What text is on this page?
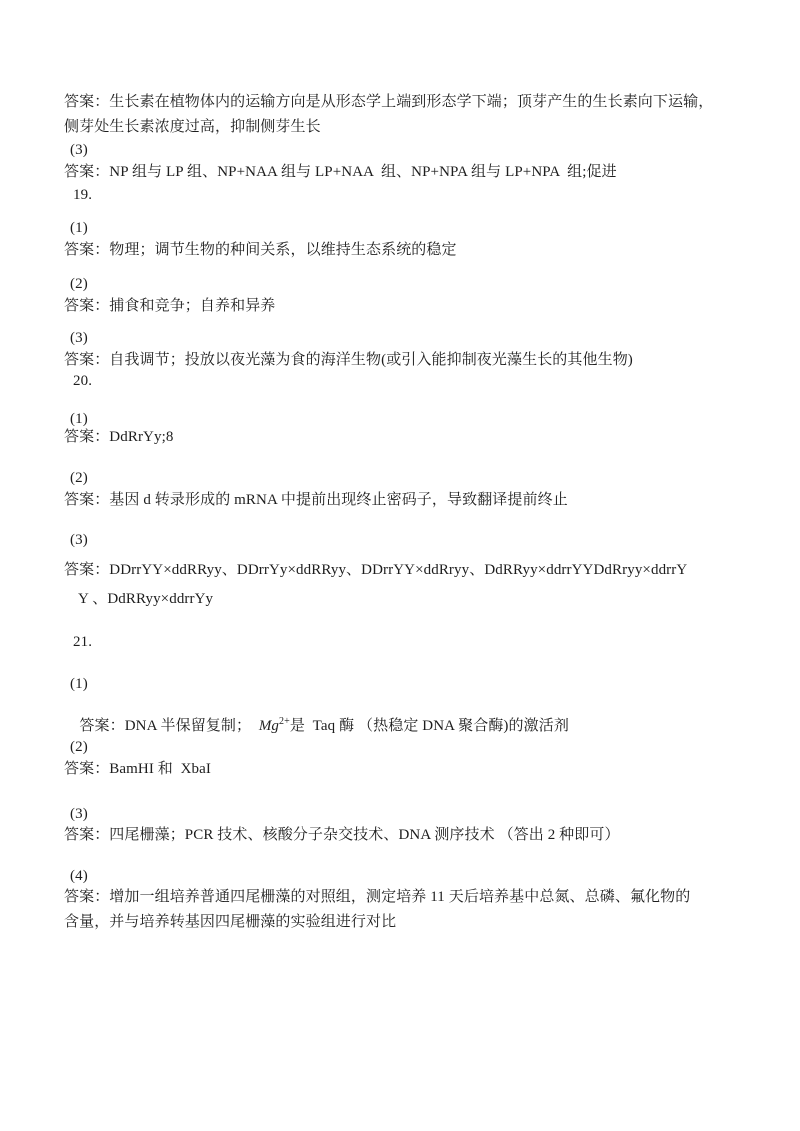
答案：生长素在植物体内的运输方向是从形态学上端到形态学下端；顶芽产生的生长素向下运输，
侧芽处生长素浓度过高，抑制侧芽生长
(3)
答案：NP 组与 LP 组、NP+NAA 组与 LP+NAA  组、NP+NPA 组与 LP+NPA  组;促进
19.
(1)
答案：物理；调节生物的种间关系，以维持生态系统的稳定
(2)
答案：捕食和竞争；自养和异养
(3)
答案：自我调节；投放以夜光藻为食的海洋生物(或引入能抑制夜光藻生长的其他生物)
20.
(1)
答案：DdRrYy;8
(2)
答案：基因 d 转录形成的 mRNA 中提前出现终止密码子，导致翻译提前终止
(3)
答案：DDrrYY×ddRRyy、DDrrYy×ddRRyy、DDrrYY×ddRryy、DdRRyy×ddrrYYDdRryy×ddrrY
Y 、DdRRyy×ddrrYy
21.
(1)

答案：DNA 半保留复制；  $Mg^{2+}$是  Taq 酶 （热稳定 DNA 聚合酶)的激活剂

(2)
答案：BamHI 和  XbaI
(3)
答案：四尾栅藻；PCR 技术、核酸分子杂交技术、DNA 测序技术 （答出 2 种即可）
(4)
答案：增加一组培养普通四尾栅藻的对照组，测定培养 11 天后培养基中总氮、总磷、氟化物的
含量，并与培养转基因四尾栅藻的实验组进行对比
